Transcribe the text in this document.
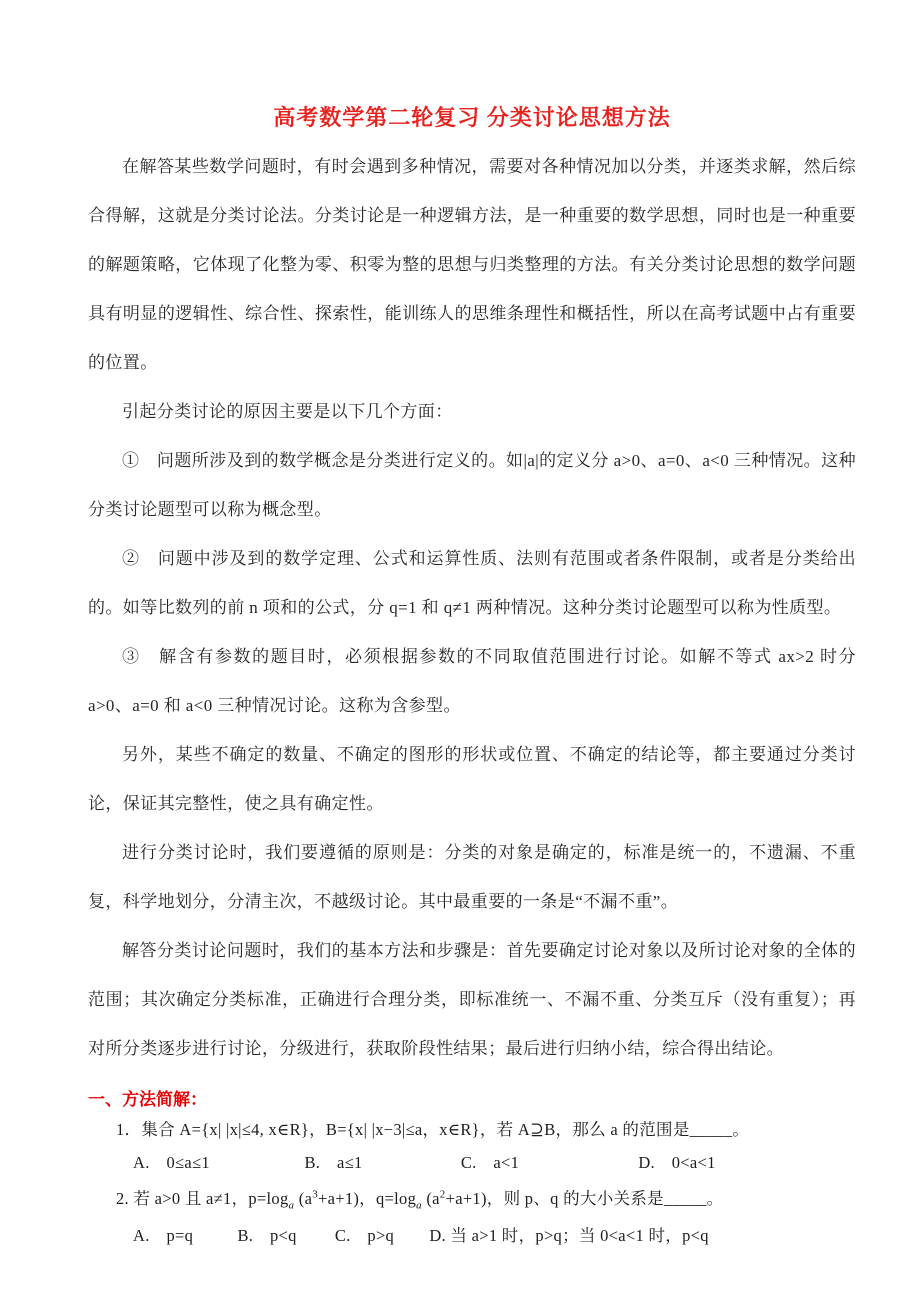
高考数学第二轮复习 分类讨论思想方法

在解答某些数学问题时，有时会遇到多种情况，需要对各种情况加以分类，并逐类求解，然后综合得解，这就是分类讨论法。分类讨论是一种逻辑方法，是一种重要的数学思想，同时也是一种重要的解题策略，它体现了化整为零、积零为整的思想与归类整理的方法。有关分类讨论思想的数学问题具有明显的逻辑性、综合性、探索性，能训练人的思维条理性和概括性，所以在高考试题中占有重要的位置。

引起分类讨论的原因主要是以下几个方面：

①　问题所涉及到的数学概念是分类进行定义的。如|a|的定义分 a>0、a=0、a<0 三种情况。这种分类讨论题型可以称为概念型。

②　问题中涉及到的数学定理、公式和运算性质、法则有范围或者条件限制，或者是分类给出的。如等比数列的前 n 项和的公式，分 q=1 和 q≠1 两种情况。这种分类讨论题型可以称为性质型。

③　解含有参数的题目时，必须根据参数的不同取值范围进行讨论。如解不等式 ax>2 时分 a>0、a=0 和 a<0 三种情况讨论。这称为含参型。

另外，某些不确定的数量、不确定的图形的形状或位置、不确定的结论等，都主要通过分类讨论，保证其完整性，使之具有确定性。

进行分类讨论时，我们要遵循的原则是：分类的对象是确定的，标准是统一的，不遗漏、不重复，科学地划分，分清主次，不越级讨论。其中最重要的一条是“不漏不重”。

解答分类讨论问题时，我们的基本方法和步骤是：首先要确定讨论对象以及所讨论对象的全体的范围；其次确定分类标准，正确进行合理分类，即标准统一、不漏不重、分类互斥（没有重复）；再对所分类逐步进行讨论，分级进行，获取阶段性结果；最后进行归纳小结，综合得出结论。

一、方法简解：

1．集合 A={x| |x|≤4, x∈R}，B={x| |x−3|≤a，x∈R}，若 A⊇B，那么 a 的范围是_____。

A.　0≤a≤1	B.　a≤1	C.　a<1	D.　0<a<1

2. 若 a>0 且 a≠1，$p=\log_a$ $(a^3+a+1)$，$q=\log_a$ $(a^2+a+1)$，则 p、q 的大小关系是_____。

A.　p=q	B.　p<q C.　p>q D. 当 a>1 时，p>q；当 0<a<1 时，p<q
